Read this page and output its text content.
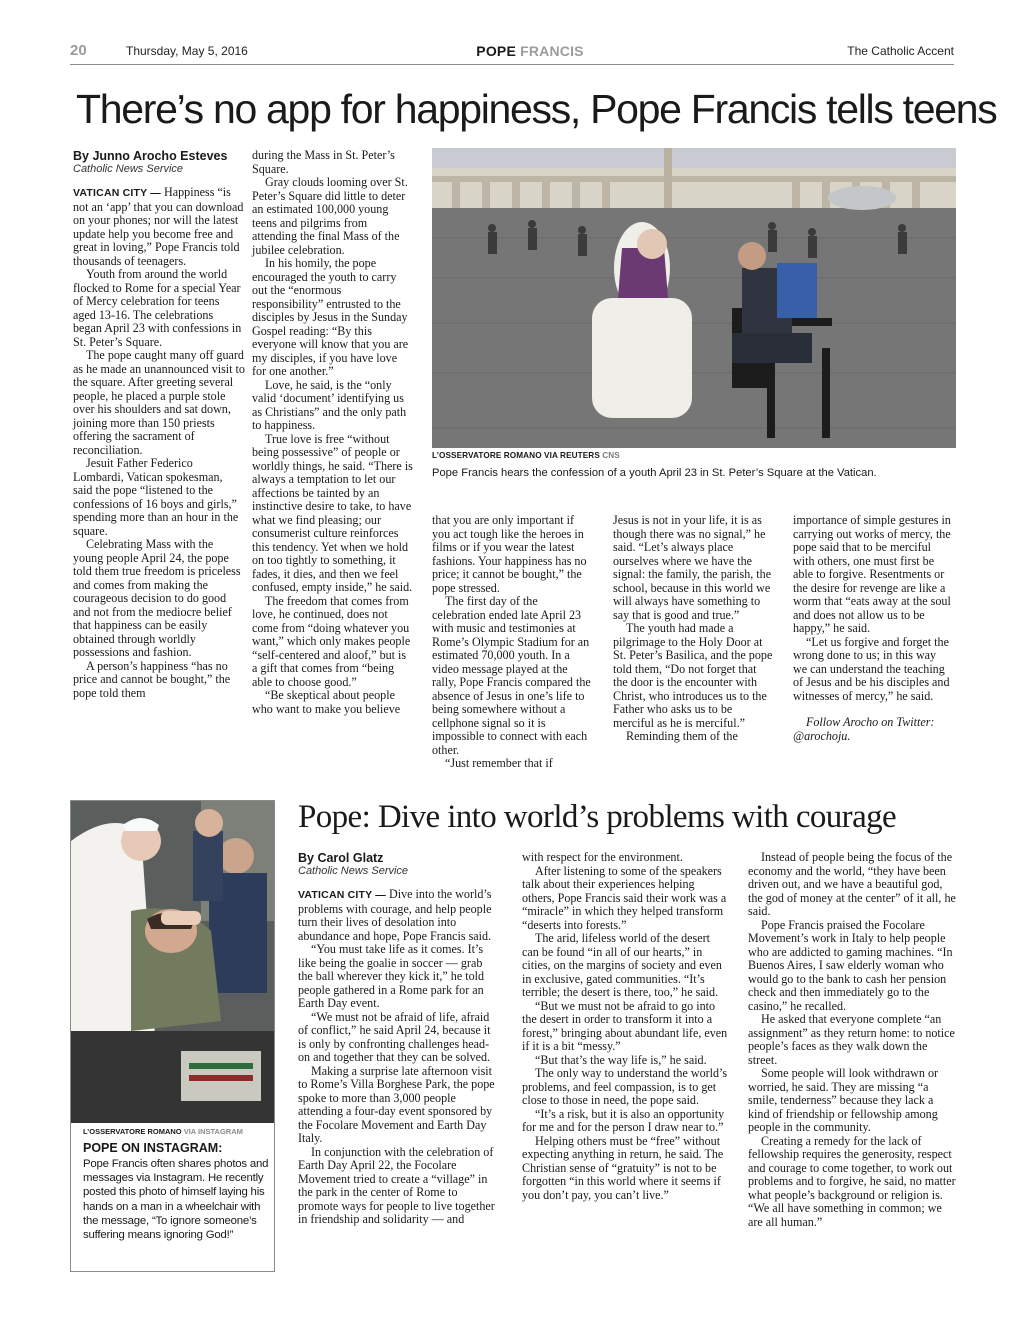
20	Thursday, May 5, 2016	POPE FRANCIS	The Catholic Accent
There’s no app for happiness, Pope Francis tells teens
By Junno Arocho Esteves
Catholic News Service

VATICAN CITY — Happiness “is not an ‘app’ that you can download on your phones; nor will the latest update help you become free and great in loving,” Pope Francis told thousands of teenagers.

Youth from around the world flocked to Rome for a special Year of Mercy celebration for teens aged 13-16. The celebrations began April 23 with confessions in St. Peter’s Square.

The pope caught many off guard as he made an unannounced visit to the square. After greeting several people, he placed a purple stole over his shoulders and sat down, joining more than 150 priests offering the sacrament of reconciliation.

Jesuit Father Federico Lombardi, Vatican spokesman, said the pope “listened to the confessions of 16 boys and girls,” spending more than an hour in the square.

Celebrating Mass with the young people April 24, the pope told them true freedom is priceless and comes from making the courageous decision to do good and not from the mediocre belief that happiness can be easily obtained through worldly possessions and fashion.

A person’s happiness “has no price and cannot be bought,” the pope told them

during the Mass in St. Peter’s Square.

Gray clouds looming over St. Peter’s Square did little to deter an estimated 100,000 young teens and pilgrims from attending the final Mass of the jubilee celebration.

In his homily, the pope encouraged the youth to carry out the “enormous responsibility” entrusted to the disciples by Jesus in the Sunday Gospel reading: “By this everyone will know that you are my disciples, if you have love for one another.”

Love, he said, is the “only valid ‘document’ identifying us as Christians” and the only path to happiness.

True love is free “without being possessive” of people or worldly things, he said. “There is always a temptation to let our affections be tainted by an instinctive desire to take, to have what we find pleasing; our consumerist culture reinforces this tendency. Yet when we hold on too tightly to something, it fades, it dies, and then we feel confused, empty inside,” he said.

The freedom that comes from love, he continued, does not come from “doing whatever you want,” which only makes people “self-centered and aloof,” but is a gift that comes from “being able to choose good.”

“Be skeptical about people who want to make you believe

L’OSSERVATORE ROMANO VIA REUTERS CNS
Pope Francis hears the confession of a youth April 23 in St. Peter’s Square at the Vatican.

that you are only important if you act tough like the heroes in films or if you wear the latest fashions. Your happiness has no price; it cannot be bought,” the pope stressed.

The first day of the celebration ended late April 23 with music and testimonies at Rome’s Olympic Stadium for an estimated 70,000 youth. In a video message played at the rally, Pope Francis compared the absence of Jesus in one’s life to being somewhere without a cellphone signal so it is impossible to connect with each other.

“Just remember that if

Jesus is not in your life, it is as though there was no signal,” he said. “Let’s always place ourselves where we have the signal: the family, the parish, the school, because in this world we will always have something to say that is good and true.”

The youth had made a pilgrimage to the Holy Door at St. Peter’s Basilica, and the pope told them, “Do not forget that the door is the encounter with Christ, who introduces us to the Father who asks us to be merciful as he is merciful.”

Reminding them of the

importance of simple gestures in carrying out works of mercy, the pope said that to be merciful with others, one must first be able to forgive. Resentments or the desire for revenge are like a worm that “eats away at the soul and does not allow us to be happy,” he said.

“Let us forgive and forget the wrong done to us; in this way we can understand the teaching of Jesus and be his disciples and witnesses of mercy,” he said.

Follow Arocho on Twitter: @arochoju.

L’OSSERVATORE ROMANO VIA INSTAGRAM
POPE ON INSTAGRAM:
Pope Francis often shares photos and messages via Instagram. He recently posted this photo of himself laying his hands on a man in a wheelchair with the message, “To ignore someone’s suffering means ignoring God!”
Pope: Dive into world’s problems with courage
By Carol Glatz
Catholic News Service

VATICAN CITY — Dive into the world’s problems with courage, and help people turn their lives of desolation into abundance and hope, Pope Francis said.

“You must take life as it comes. It’s like being the goalie in soccer — grab the ball wherever they kick it,” he told people gathered in a Rome park for an Earth Day event.

“We must not be afraid of life, afraid of conflict,” he said April 24, because it is only by confronting challenges head-on and together that they can be solved.

Making a surprise late afternoon visit to Rome’s Villa Borghese Park, the pope spoke to more than 3,000 people attending a four-day event sponsored by the Focolare Movement and Earth Day Italy.

In conjunction with the celebration of Earth Day April 22, the Focolare Movement tried to create a “village” in the park in the center of Rome to promote ways for people to live together in friendship and solidarity — and

with respect for the environment.

After listening to some of the speakers talk about their experiences helping others, Pope Francis said their work was a “miracle” in which they helped transform “deserts into forests.”

The arid, lifeless world of the desert can be found “in all of our hearts,” in cities, on the margins of society and even in exclusive, gated communities. “It’s terrible; the desert is there, too,” he said.

“But we must not be afraid to go into the desert in order to transform it into a forest,” bringing about abundant life, even if it is a bit “messy.”

“But that’s the way life is,” he said.

The only way to understand the world’s problems, and feel compassion, is to get close to those in need, the pope said.

“It’s a risk, but it is also an opportunity for me and for the person I draw near to.”

Helping others must be “free” without expecting anything in return, he said. The Christian sense of “gratuity” is not to be forgotten “in this world where it seems if you don’t pay, you can’t live.”

Instead of people being the focus of the economy and the world, “they have been driven out, and we have a beautiful god, the god of money at the center” of it all, he said.

Pope Francis praised the Focolare Movement’s work in Italy to help people who are addicted to gaming machines. “In Buenos Aires, I saw elderly woman who would go to the bank to cash her pension check and then immediately go to the casino,” he recalled.

He asked that everyone complete “an assignment” as they return home: to notice people’s faces as they walk down the street.

Some people will look withdrawn or worried, he said. They are missing “a smile, tenderness” because they lack a kind of friendship or fellowship among people in the community.

Creating a remedy for the lack of fellowship requires the generosity, respect and courage to come together, to work out problems and to forgive, he said, no matter what people’s background or religion is. “We all have something in common; we are all human.”
